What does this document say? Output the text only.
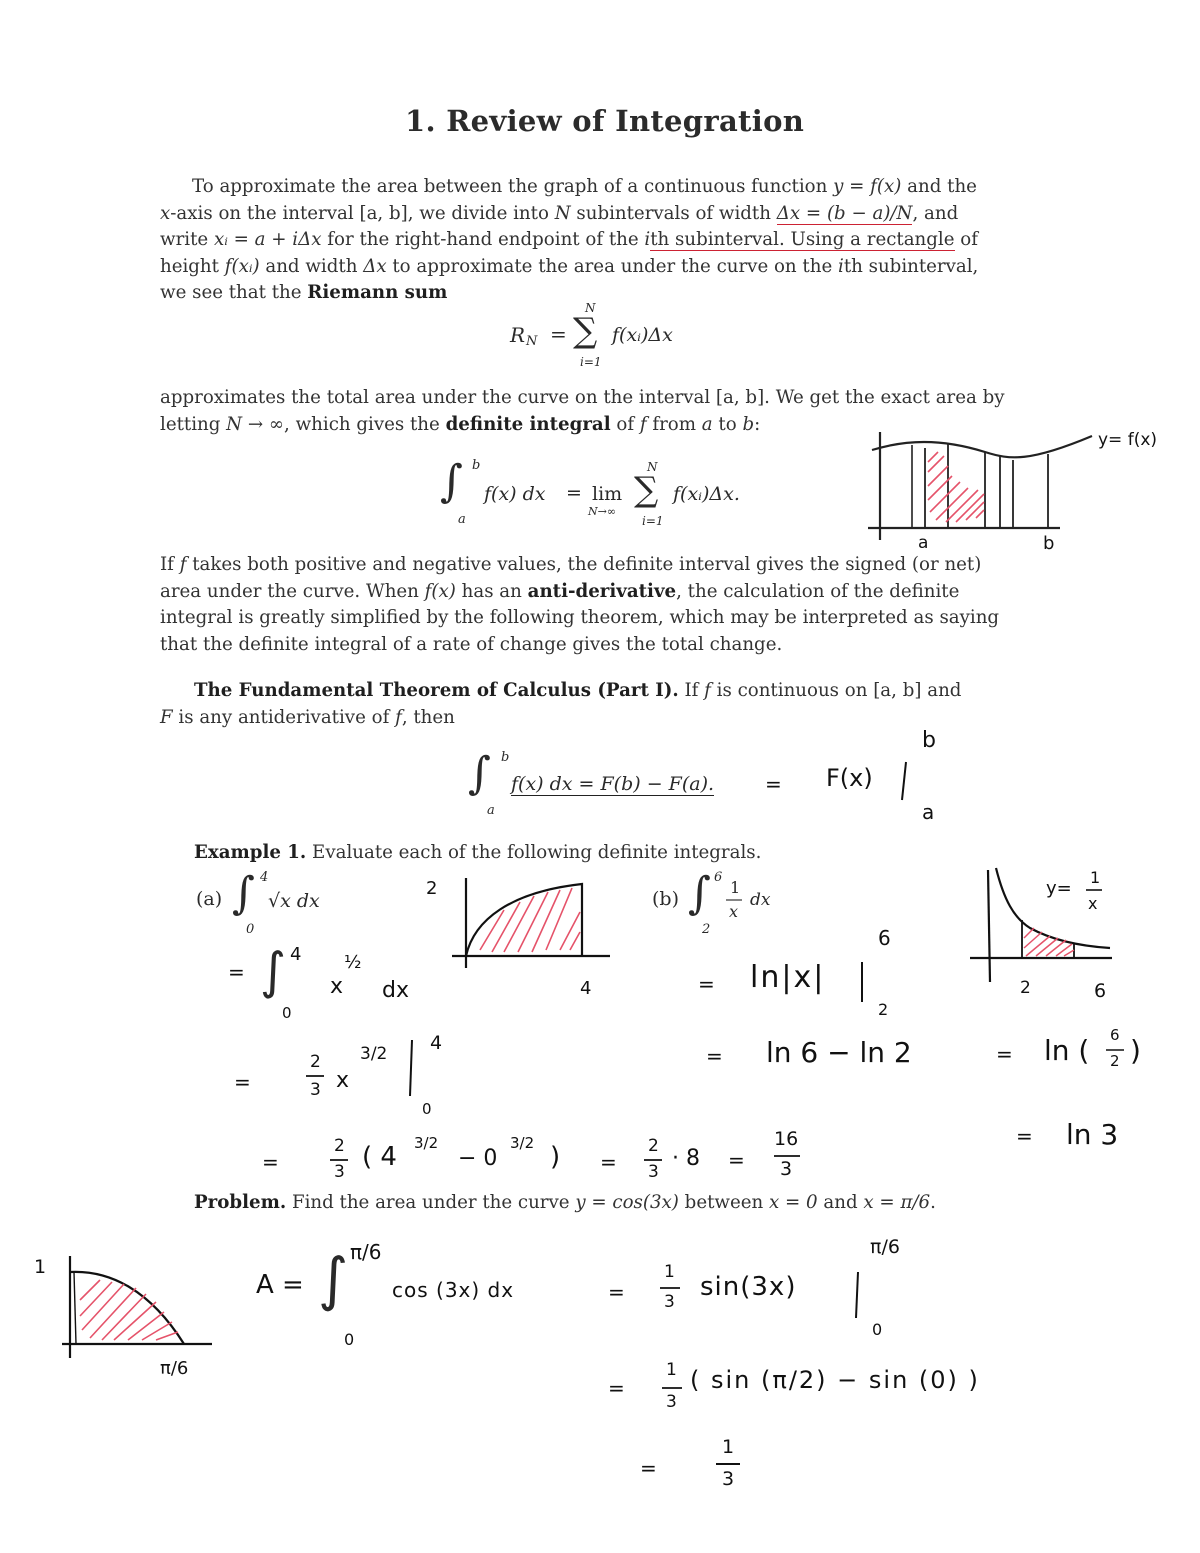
1. Review of Integration

To approximate the area between the graph of a continuous function y = f(x) and the

x-axis on the interval [a, b], we divide into N subintervals of width Δx = (b − a)/N, and

write xᵢ = a + iΔx for the right-hand endpoint of the ith subinterval. Using a rectangle of

height f(xᵢ) and width Δx to approximate the area under the curve on the ith subinterval,

we see that the Riemann sum

R N =
N
∑
i=1
f(xᵢ)Δx

approximates the total area under the curve on the interval [a, b]. We get the exact area by

letting N → ∞, which gives the definite integral of f from a to b:

∫ b
a
f(x) dx = lim
N→∞
N
∑
i=1
f(xᵢ)Δx.
y= f(x)
a	b

If f takes both positive and negative values, the definite interval gives the signed (or net)

area under the curve. When f(x) has an anti-derivative, the calculation of the definite

integral is greatly simplified by the following theorem, which may be interpreted as saying

that the definite integral of a rate of change gives the total change.

The Fundamental Theorem of Calculus (Part I). If f is continuous on [a, b] and

F is any antiderivative of f, then

∫ b
a
f(x) dx = F(b) − F(a).	= F(x)
b
a
Example 1. Evaluate each of the following definite integrals.
(a) ∫ 4
0
√x dx
2
4
= ∫ 4
0
x
½
dx
=
2
3 x
3/2 4
0
=
2
3 ( 4 3/2
− 0
3/2 ) =
2
3
· 8 =
16
3
(b) ∫ 6
2
1
x
dx
y=
1
x
2	6
= ln|x|
6
2
= ln 6 − ln 2	= ln ( 6
2 )
= ln 3
Problem. Find the area under the curve y = cos(3x) between x = 0 and x = π/6.
1
π/6
A = ∫ π/6
0
cos (3x) dx	=
1
3 sin(3x)
π/6
0
=
1
3
( sin (π/2) − sin (0) )
=
1
3
